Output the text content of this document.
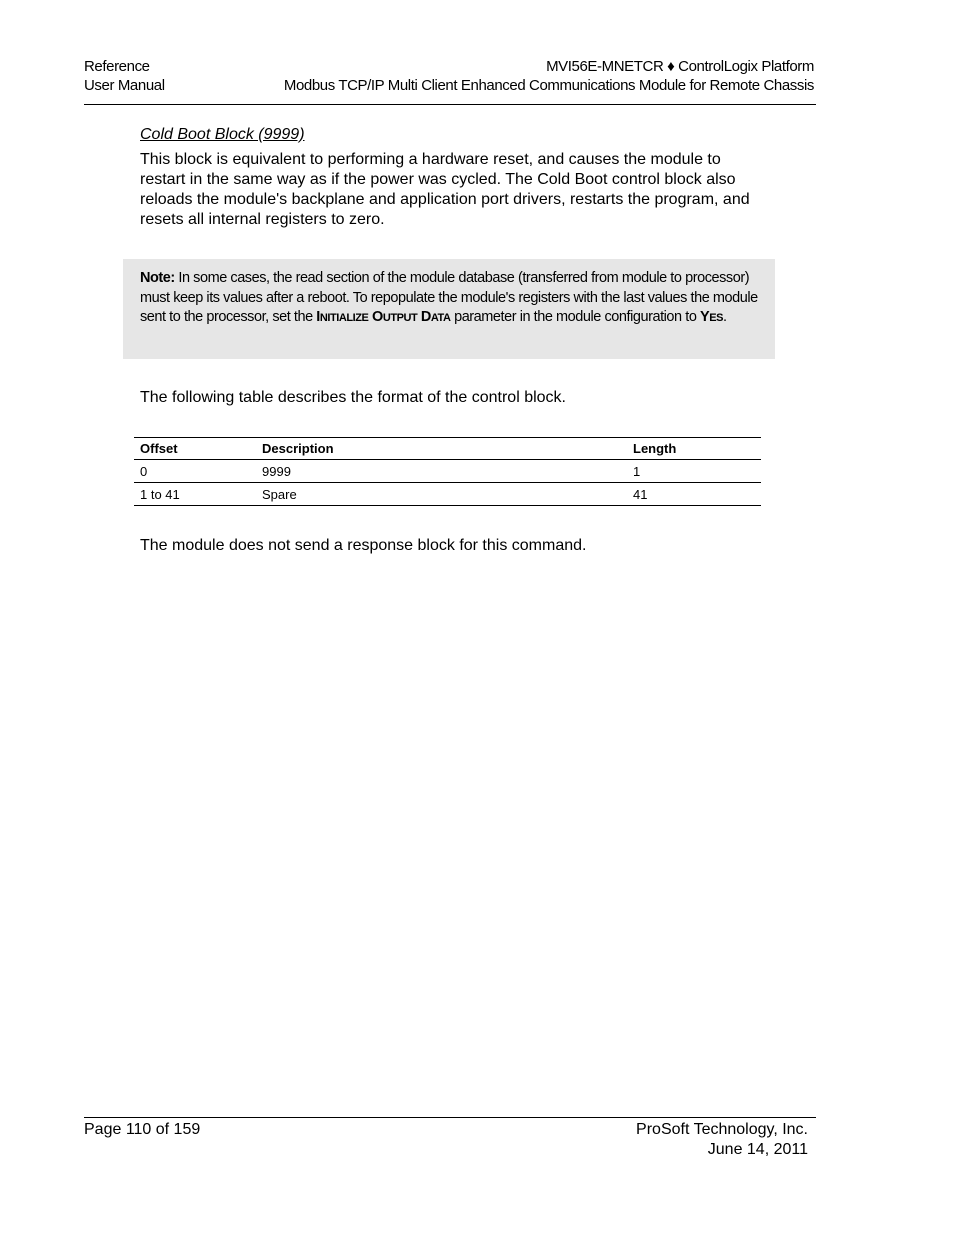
Reference
User Manual
MVI56E-MNETCR ♦ ControlLogix Platform
Modbus TCP/IP Multi Client Enhanced Communications Module for Remote Chassis
Cold Boot Block (9999)
This block is equivalent to performing a hardware reset, and causes the module to restart in the same way as if the power was cycled. The Cold Boot control block also reloads the module's backplane and application port drivers, restarts the program, and resets all internal registers to zero.
Note: In some cases, the read section of the module database (transferred from module to processor) must keep its values after a reboot. To repopulate the module's registers with the last values the module sent to the processor, set the INITIALIZE OUTPUT DATA parameter in the module configuration to YES.
The following table describes the format of the control block.
Offset	Description	Length
0	9999	1
1 to 41	Spare	41
The module does not send a response block for this command.
Page 110 of 159	ProSoft Technology, Inc.
June 14, 2011
